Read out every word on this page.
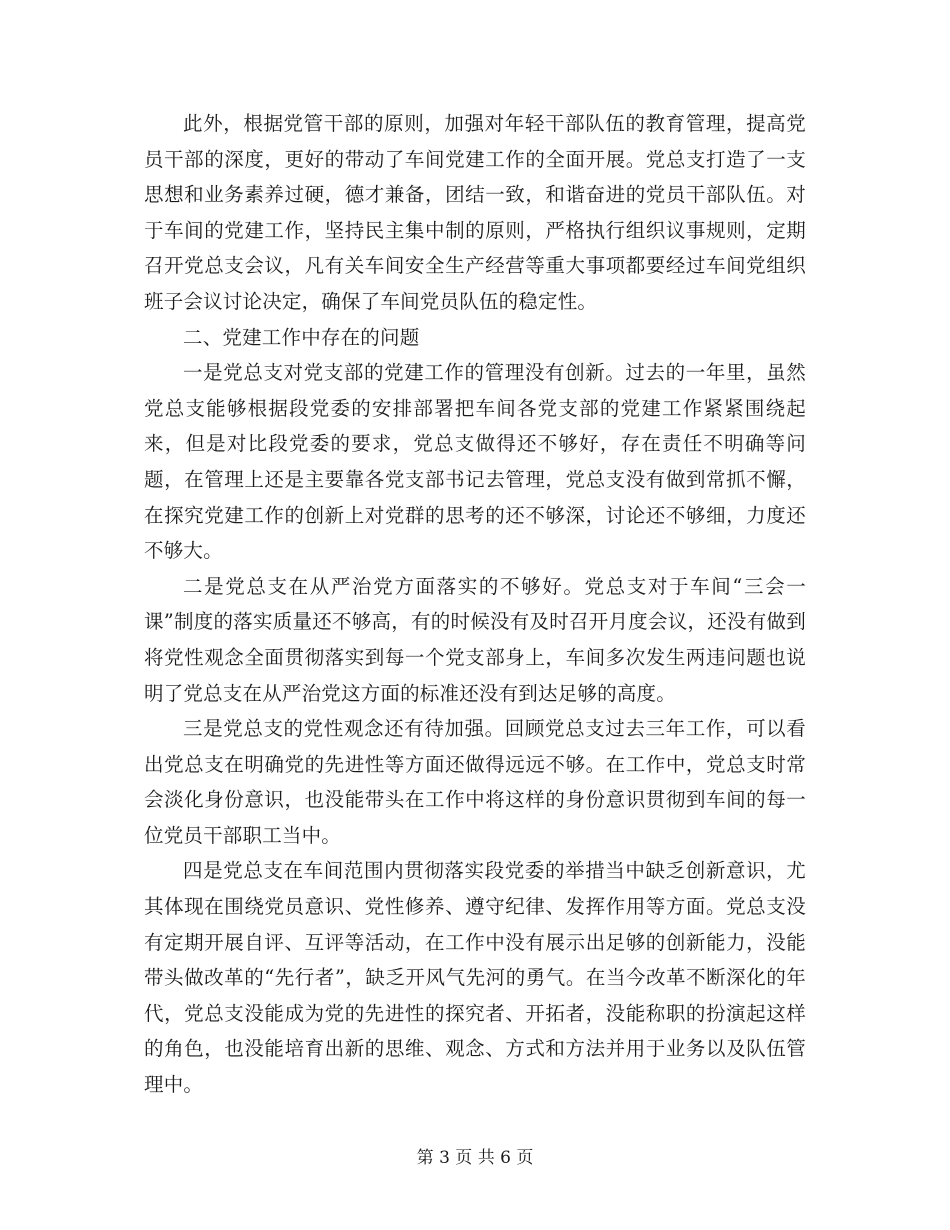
此外，根据党管干部的原则，加强对年轻干部队伍的教育管理，提高党员干部的深度，更好的带动了车间党建工作的全面开展。党总支打造了一支思想和业务素养过硬，德才兼备，团结一致，和谐奋进的党员干部队伍。对于车间的党建工作，坚持民主集中制的原则，严格执行组织议事规则，定期召开党总支会议，凡有关车间安全生产经营等重大事项都要经过车间党组织班子会议讨论决定，确保了车间党员队伍的稳定性。

二、党建工作中存在的问题

一是党总支对党支部的党建工作的管理没有创新。过去的一年里，虽然党总支能够根据段党委的安排部署把车间各党支部的党建工作紧紧围绕起来，但是对比段党委的要求，党总支做得还不够好，存在责任不明确等问题，在管理上还是主要靠各党支部书记去管理，党总支没有做到常抓不懈，在探究党建工作的创新上对党群的思考的还不够深，讨论还不够细，力度还不够大。

二是党总支在从严治党方面落实的不够好。党总支对于车间“三会一课”制度的落实质量还不够高，有的时候没有及时召开月度会议，还没有做到将党性观念全面贯彻落实到每一个党支部身上，车间多次发生两违问题也说明了党总支在从严治党这方面的标准还没有到达足够的高度。

三是党总支的党性观念还有待加强。回顾党总支过去三年工作，可以看出党总支在明确党的先进性等方面还做得远远不够。在工作中，党总支时常会淡化身份意识，也没能带头在工作中将这样的身份意识贯彻到车间的每一位党员干部职工当中。

四是党总支在车间范围内贯彻落实段党委的举措当中缺乏创新意识，尤其体现在围绕党员意识、党性修养、遵守纪律、发挥作用等方面。党总支没有定期开展自评、互评等活动，在工作中没有展示出足够的创新能力，没能带头做改革的“先行者”，缺乏开风气先河的勇气。在当今改革不断深化的年代，党总支没能成为党的先进性的探究者、开拓者，没能称职的扮演起这样的角色，也没能培育出新的思维、观念、方式和方法并用于业务以及队伍管理中。

第 3 页 共 6 页
